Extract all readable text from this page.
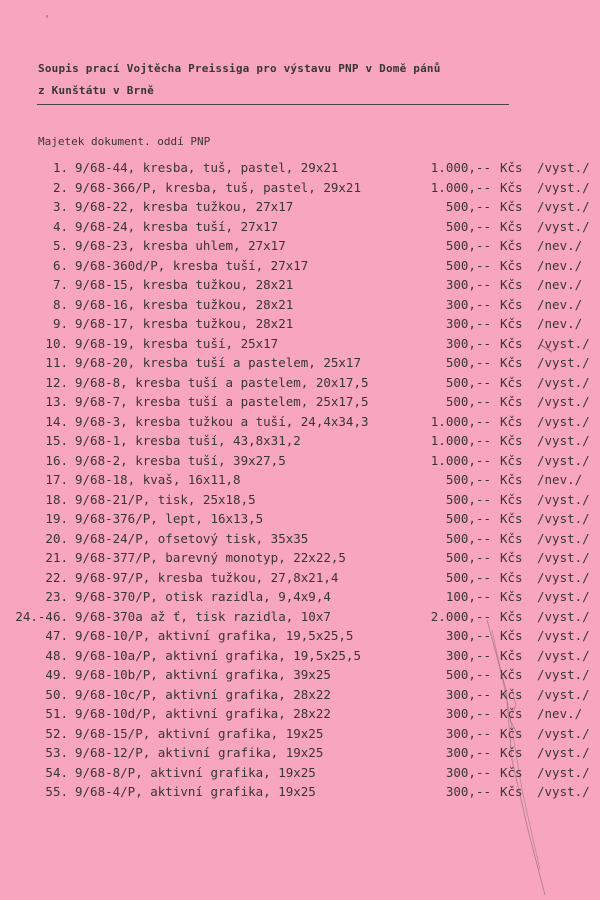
'
Soupis prací Vojtěcha Preissiga pro výstavu PNP v Domě pánů
z Kunštátu v Brně
Majetek dokument. oddí PNP
1. 9/68-44, kresba, tuš, pastel, 29x21	1.000,-- Kčs /vyst./
2. 9/68-366/P, kresba, tuš, pastel, 29x21	1.000,-- Kčs /vyst./
3. 9/68-22, kresba tužkou, 27x17	500,-- Kčs /vyst./
4. 9/68-24, kresba tuší, 27x17	500,-- Kčs /vyst./
5. 9/68-23, kresba uhlem, 27x17	500,-- Kčs /nev./
6. 9/68-360d/P, kresba tuší, 27x17	500,-- Kčs /nev./
7. 9/68-15, kresba tužkou, 28x21	300,-- Kčs /nev./
8. 9/68-16, kresba tužkou, 28x21	300,-- Kčs /nev./
9. 9/68-17, kresba tužkou, 28x21	300,-- Kčs /nev./
10. 9/68-19, kresba tuší, 25x17	300,-- Kčs /vyst./
11. 9/68-20, kresba tuší a pastelem, 25x17	500,-- Kčs /vyst./
12. 9/68-8, kresba tuší a pastelem, 20x17,5	500,-- Kčs /vyst./
13. 9/68-7, kresba tuší a pastelem, 25x17,5	500,-- Kčs /vyst./
14. 9/68-3, kresba tužkou a tuší, 24,4x34,3	1.000,-- Kčs /vyst./
15. 9/68-1, kresba tuší, 43,8x31,2	1.000,-- Kčs /vyst./
16. 9/68-2, kresba tuší, 39x27,5	1.000,-- Kčs /vyst./
17. 9/68-18, kvaš, 16x11,8	500,-- Kčs /nev./
18. 9/68-21/P, tisk, 25x18,5	500,-- Kčs /vyst./
19. 9/68-376/P, lept, 16x13,5	500,-- Kčs /vyst./
20. 9/68-24/P, ofsetový tisk, 35x35	500,-- Kčs /vyst./
21. 9/68-377/P, barevný monotyp, 22x22,5	500,-- Kčs /vyst./
22. 9/68-97/P, kresba tužkou, 27,8x21,4	500,-- Kčs /vyst./
23. 9/68-370/P, otisk razidla, 9,4x9,4	100,-- Kčs /vyst./
24.-46. 9/68-370a až ť, tisk razidla, 10x7	2.000,-- Kčs /vyst./
47. 9/68-10/P, aktivní grafika, 19,5x25,5	300,-- Kčs /vyst./
48. 9/68-10a/P, aktivní grafika, 19,5x25,5	300,-- Kčs /vyst./
49. 9/68-10b/P, aktivní grafika, 39x25	500,-- Kčs /vyst./
50. 9/68-10c/P, aktivní grafika, 28x22	300,-- Kčs /vyst./
51. 9/68-10d/P, aktivní grafika, 28x22	300,-- Kčs /nev./
52. 9/68-15/P, aktivní grafika, 19x25	300,-- Kčs /vyst./
53. 9/68-12/P, aktivní grafika, 19x25	300,-- Kčs /vyst./
54. 9/68-8/P, aktivní grafika, 19x25	300,-- Kčs /vyst./
55. 9/68-4/P, aktivní grafika, 19x25	300,-- Kčs /vyst./
